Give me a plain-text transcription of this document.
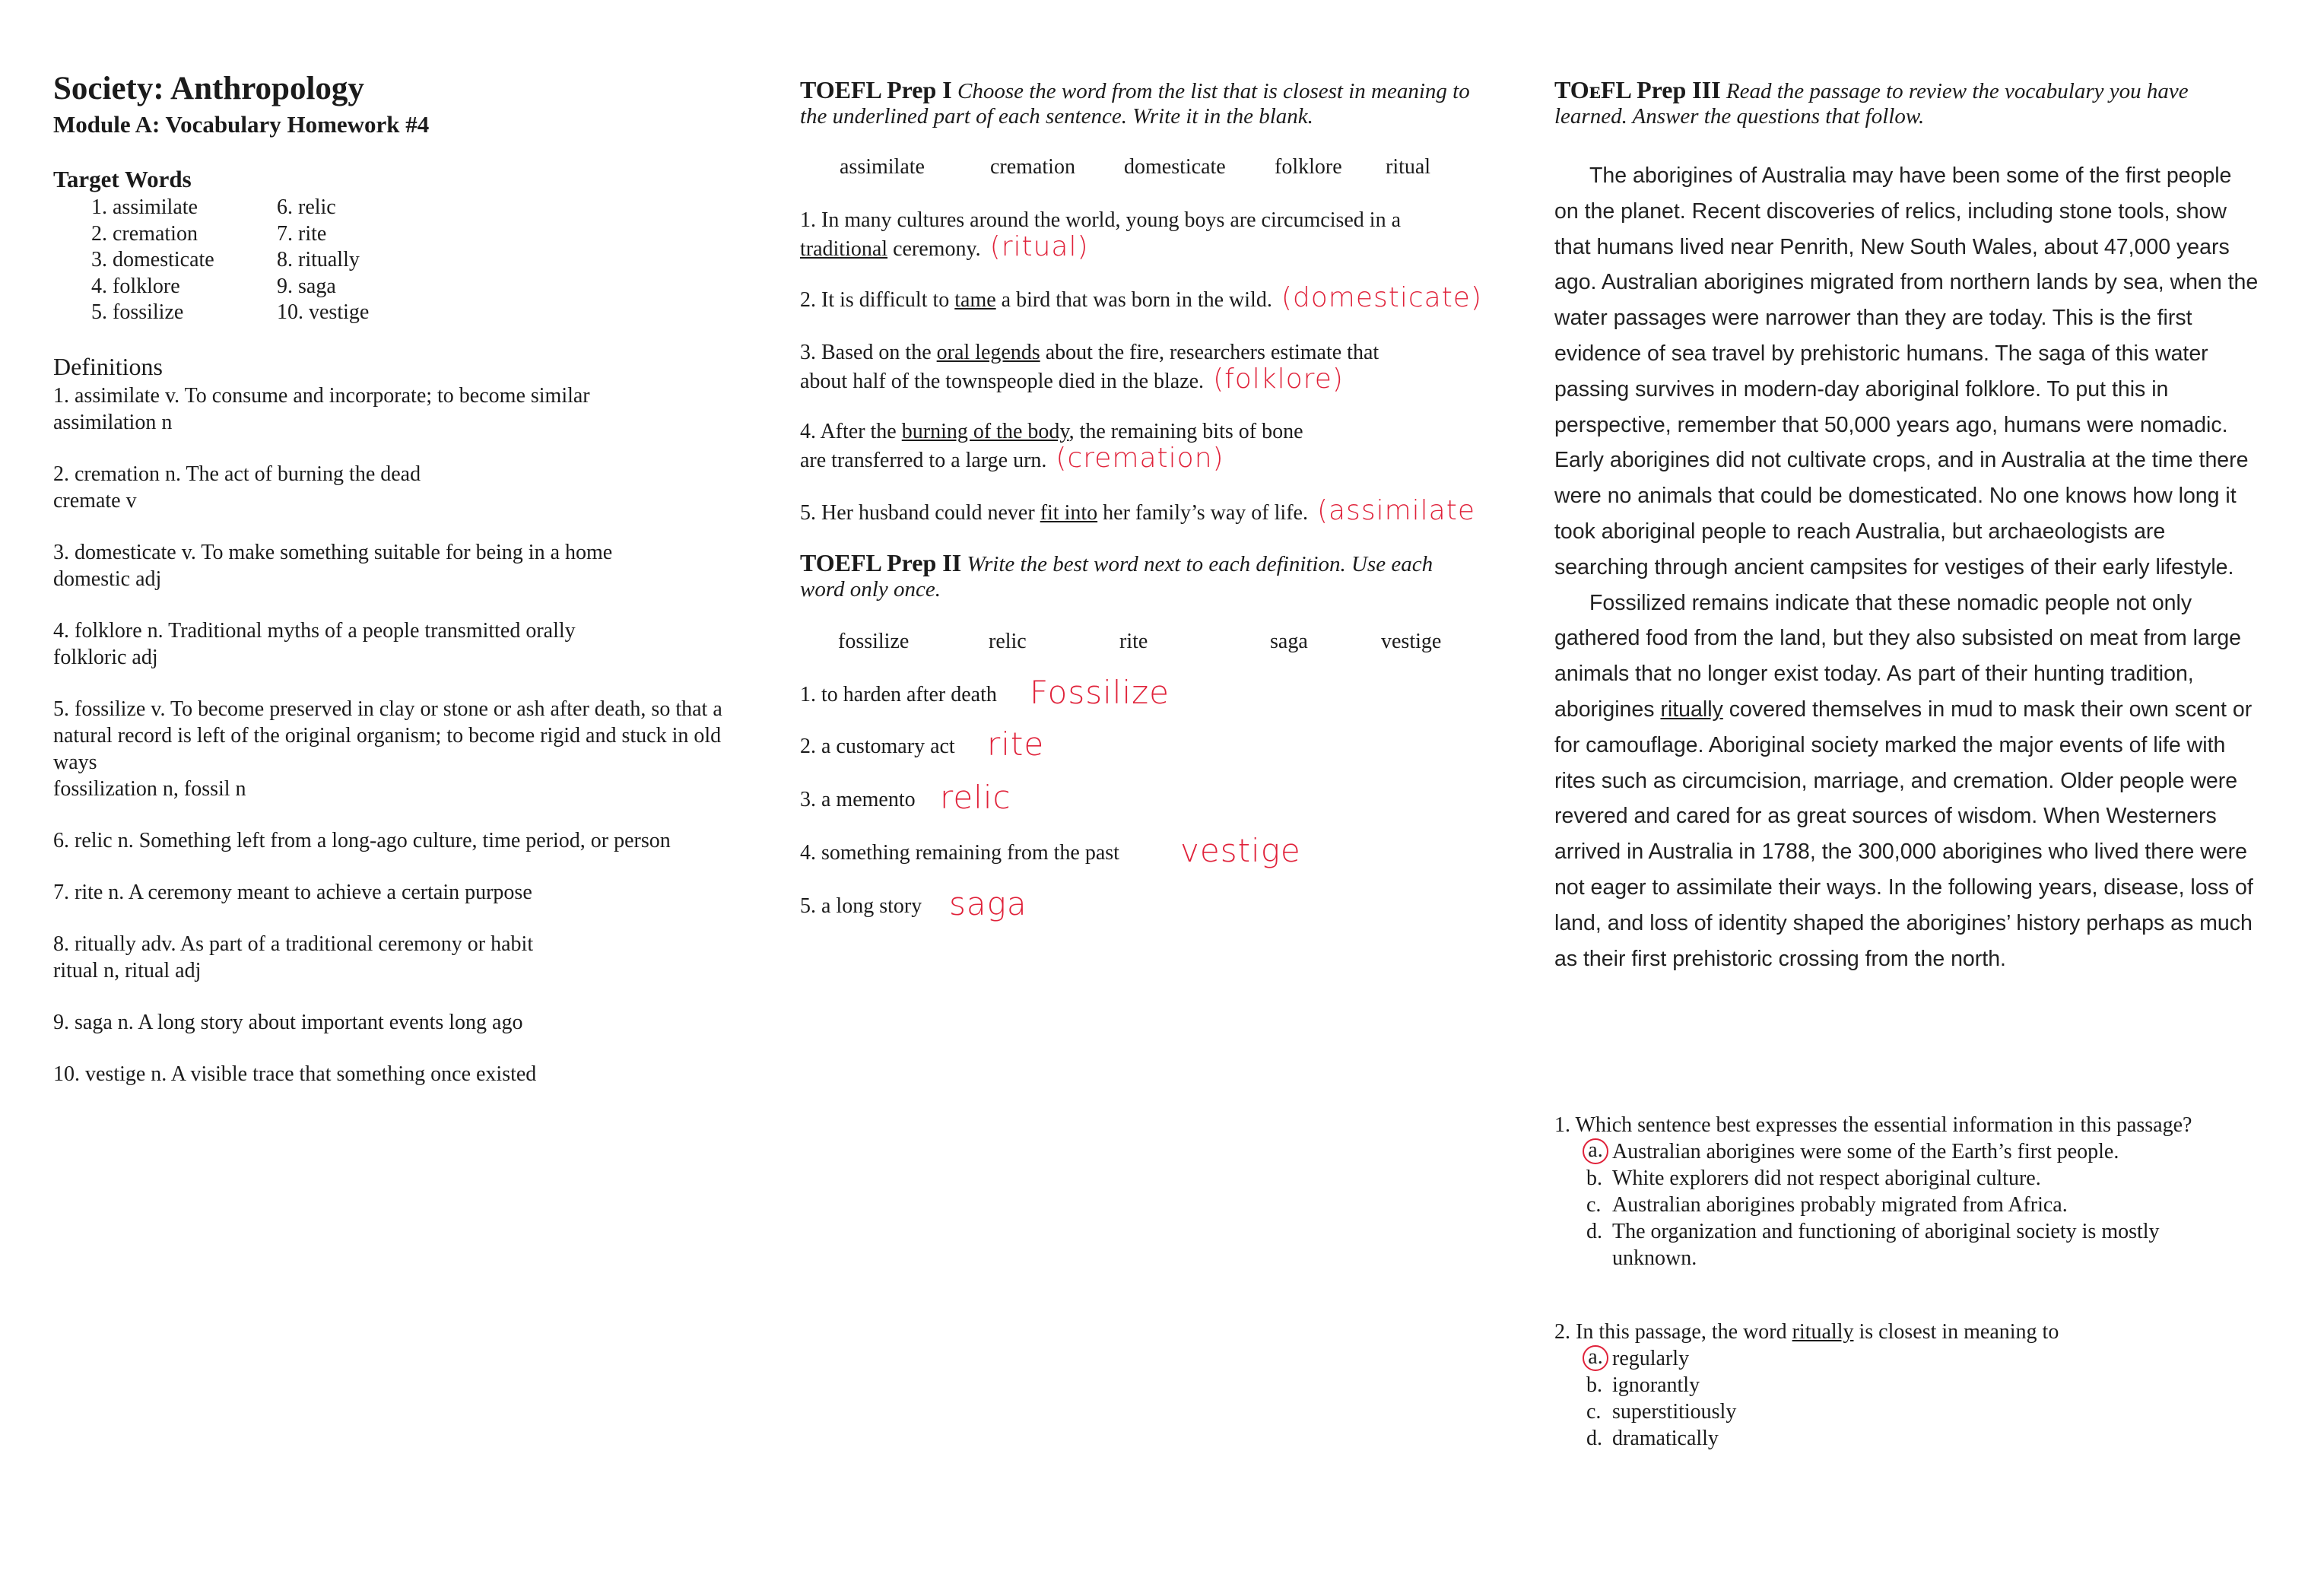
Society: Anthropology
Module A: Vocabulary Homework #4
Target Words
1. assimilate
2. cremation
3. domesticate
4. folklore
5. fossilize
6. relic
7. rite
8. ritually
9. saga
10. vestige
Definitions
1. assimilate v. To consume and incorporate; to become similar
assimilation n
2. cremation n. The act of burning the dead
cremate v
3. domesticate v. To make something suitable for being in a home
domestic adj
4. folklore n. Traditional myths of a people transmitted orally
folkloric adj
5. fossilize v. To become preserved in clay or stone or ash after death, so that a natural record is left of the original organism; to become rigid and stuck in old ways
fossilization n, fossil n
6. relic n. Something left from a long-ago culture, time period, or person
7. rite n. A ceremony meant to achieve a certain purpose
8. ritually adv. As part of a traditional ceremony or habit
ritual n, ritual adj
9. saga n. A long story about important events long ago
10. vestige n. A visible trace that something once existed
TOEFL Prep I Choose the word from the list that is closest in meaning to the underlined part of each sentence. Write it in the blank.
assimilate	cremation domesticate folklore ritual
1. In many cultures around the world, young boys are circumcised in a traditional ceremony. (ritual)
2. It is difficult to tame a bird that was born in the wild. (domesticate)
3. Based on the oral legends about the fire, researchers estimate that about half of the townspeople died in the blaze. (folklore)
4. After the burning of the body, the remaining bits of bone are transferred to a large urn. (cremation)
5. Her husband could never fit into her family’s way of life. (assimilate
TOEFL Prep II Write the best word next to each definition. Use each word only once.
fossilize	relic	rite	saga	vestige
1. to harden after death Fossilize
2. a customary act rite
3. a memento relic
4. something remaining from the past vestige
5. a long story saga
TOᴇFL Prep III Read the passage to review the vocabulary you have learned. Answer the questions that follow.

The aborigines of Australia may have been some of the first people on the planet. Recent discoveries of relics, including stone tools, show that humans lived near Penrith, New South Wales, about 47,000 years ago. Australian aborigines migrated from northern lands by sea, when the water passages were narrower than they are today. This is the first evidence of sea travel by prehistoric humans. The saga of this water passing survives in modern-day aboriginal folklore. To put this in perspective, remember that 50,000 years ago, humans were nomadic. Early aborigines did not cultivate crops, and in Australia at the time there were no animals that could be domesticated. No one knows how long it took aboriginal people to reach Australia, but archaeologists are searching through ancient campsites for vestiges of their early lifestyle.

Fossilized remains indicate that these nomadic people not only gathered food from the land, but they also subsisted on meat from large animals that no longer exist today. As part of their hunting tradition, aborigines ritually covered themselves in mud to mask their own scent or for camouflage. Aboriginal society marked the major events of life with rites such as circumcision, marriage, and cremation. Older people were revered and cared for as great sources of wisdom. When Westerners arrived in Australia in 1788, the 300,000 aborigines who lived there were not eager to assimilate their ways. In the following years, disease, loss of land, and loss of identity shaped the aborigines’ history perhaps as much as their first prehistoric crossing from the north.

1. Which sentence best expresses the essential information in this passage?
a. Australian aborigines were some of the Earth’s first people.
b. White explorers did not respect aboriginal culture.
c. Australian aborigines probably migrated from Africa.
d. The organization and functioning of aboriginal society is mostly unknown.
2. In this passage, the word ritually is closest in meaning to
a. regularly
b. ignorantly
c. superstitiously
d. dramatically
